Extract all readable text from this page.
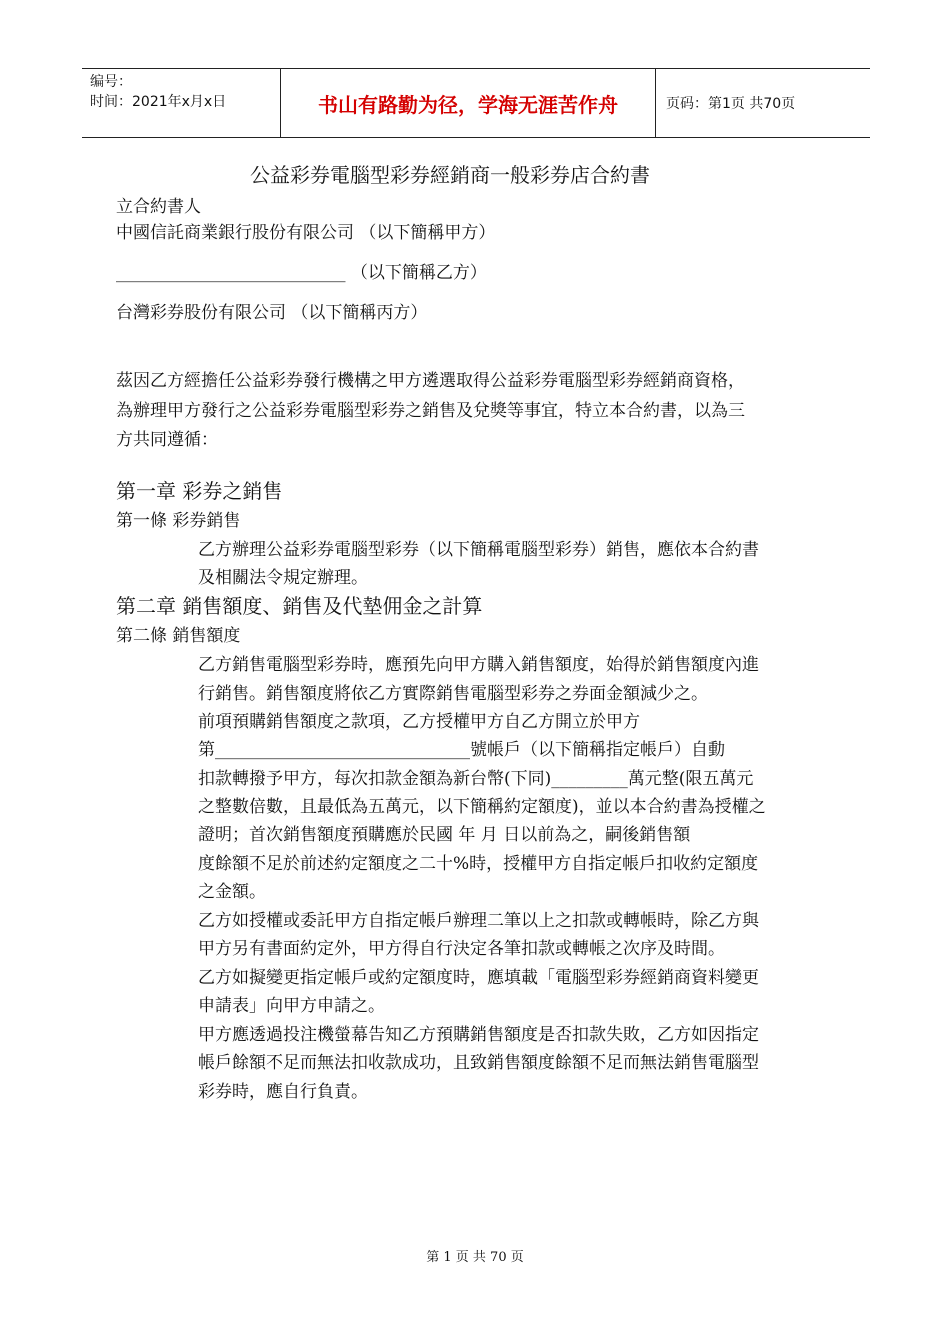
编号：
时间：2021年x月x日	书山有路勤为径，学海无涯苦作舟	页码：第1页 共70页
公益彩券電腦型彩券經銷商一般彩券店合約書
立合約書人
中國信託商業銀行股份有限公司 （以下簡稱甲方）
___________________________ （以下簡稱乙方）
台灣彩券股份有限公司 （以下簡稱丙方）
茲因乙方經擔任公益彩券發行機構之甲方遴選取得公益彩券電腦型彩券經銷商資格，
為辦理甲方發行之公益彩券電腦型彩券之銷售及兌獎等事宜，特立本合約書，以為三
方共同遵循：
第一章 彩券之銷售
第一條 彩券銷售
乙方辦理公益彩券電腦型彩券（以下簡稱電腦型彩券）銷售，應依本合約書
及相關法令規定辦理。
第二章 銷售額度、銷售及代墊佣金之計算
第二條 銷售額度
乙方銷售電腦型彩券時，應預先向甲方購入銷售額度，始得於銷售額度內進
行銷售。銷售額度將依乙方實際銷售電腦型彩券之券面金額減少之。
前項預購銷售額度之款項，乙方授權甲方自乙方開立於甲方
第______________________________號帳戶（以下簡稱指定帳戶）自動
扣款轉撥予甲方，每次扣款金額為新台幣(下同)_________萬元整(限五萬元
之整數倍數，且最低為五萬元，以下簡稱約定額度)，並以本合約書為授權之
證明；首次銷售額度預購應於民國 年 月 日以前為之，嗣後銷售額
度餘額不足於前述約定額度之二十%時，授權甲方自指定帳戶扣收約定額度
之金額。
乙方如授權或委託甲方自指定帳戶辦理二筆以上之扣款或轉帳時，除乙方與
甲方另有書面約定外，甲方得自行決定各筆扣款或轉帳之次序及時間。
乙方如擬變更指定帳戶或約定額度時，應填載「電腦型彩券經銷商資料變更
申請表」向甲方申請之。
甲方應透過投注機螢幕告知乙方預購銷售額度是否扣款失敗，乙方如因指定
帳戶餘額不足而無法扣收款成功，且致銷售額度餘額不足而無法銷售電腦型
彩券時，應自行負責。
第 1 页 共 70 页
